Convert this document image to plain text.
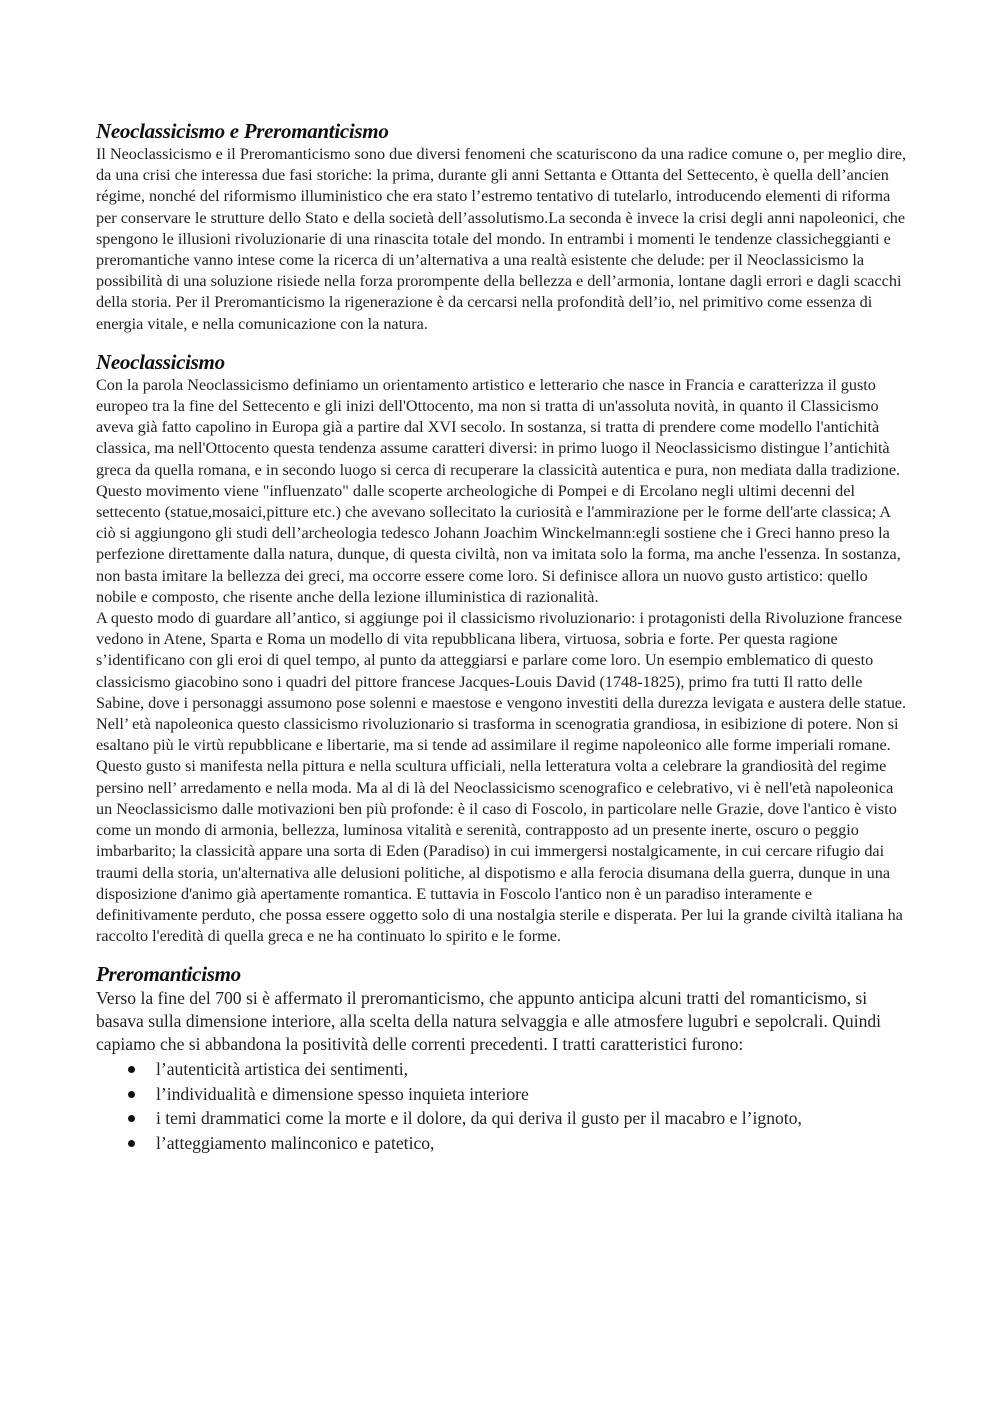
Neoclassicismo e Preromanticismo

Il Neoclassicismo e il Preromanticismo sono due diversi fenomeni che scaturiscono da una radice comune o, per meglio dire, da una crisi che interessa due fasi storiche: la prima, durante gli anni Settanta e Ottanta del Settecento, è quella dell’ancien régime, nonché del riformismo illuministico che era stato l’estremo tentativo di tutelarlo, introducendo elementi di riforma per conservare le strutture dello Stato e della società dell’assolutismo.La seconda è invece la crisi degli anni napoleonici, che spengono le illusioni rivoluzionarie di una rinascita totale del mondo. In entrambi i momenti le tendenze classicheggianti e preromantiche vanno intese come la ricerca di un’alternativa a una realtà esistente che delude: per il Neoclassicismo la possibilità di una soluzione risiede nella forza prorompente della bellezza e dell’armonia, lontane dagli errori e dagli scacchi della storia. Per il Preromanticismo la rigenerazione è da cercarsi nella profondità dell’io, nel primitivo come essenza di energia vitale, e nella comunicazione con la natura.

Neoclassicismo

Con la parola Neoclassicismo definiamo un orientamento artistico e letterario che nasce in Francia e caratterizza il gusto europeo tra la fine del Settecento e gli inizi dell'Ottocento, ma non si tratta di un'assoluta novità, in quanto il Classicismo aveva già fatto capolino in Europa già a partire dal XVI secolo. In sostanza, si tratta di prendere come modello l'antichità classica, ma nell'Ottocento questa tendenza assume caratteri diversi: in primo luogo il Neoclassicismo distingue l’antichità greca da quella romana, e in secondo luogo si cerca di recuperare la classicità autentica e pura, non mediata dalla tradizione.

Questo movimento viene "influenzato" dalle scoperte archeologiche di Pompei e di Ercolano negli ultimi decenni del settecento (statue,mosaici,pitture etc.) che avevano sollecitato la curiosità e l'ammirazione per le forme dell'arte classica; A ciò si aggiungono gli studi dell’archeologia tedesco Johann Joachim Winckelmann:egli sostiene che i Greci hanno preso la perfezione direttamente dalla natura, dunque, di questa civiltà, non va imitata solo la forma, ma anche l'essenza. In sostanza, non basta imitare la bellezza dei greci, ma occorre essere come loro. Si definisce allora un nuovo gusto artistico: quello nobile e composto, che risente anche della lezione illuministica di razionalità.

A questo modo di guardare all’antico, si aggiunge poi il classicismo rivoluzionario: i protagonisti della Rivoluzione francese vedono in Atene, Sparta e Roma un modello di vita repubblicana libera, virtuosa, sobria e forte. Per questa ragione s’identificano con gli eroi di quel tempo, al punto da atteggiarsi e parlare come loro. Un esempio emblematico di questo classicismo giacobino sono i quadri del pittore francese Jacques-Louis David (1748-1825), primo fra tutti Il ratto delle Sabine, dove i personaggi assumono pose solenni e maestose e vengono investiti della durezza levigata e austera delle statue. Nell’ età napoleonica questo classicismo rivoluzionario si trasforma in scenogratia grandiosa, in esibizione di potere. Non si esaltano più le virtù repubblicane e libertarie, ma si tende ad assimilare il regime napoleonico alle forme imperiali romane. Questo gusto si manifesta nella pittura e nella scultura ufficiali, nella letteratura volta a celebrare la grandiosità del regime persino nell’ arredamento e nella moda. Ma al di là del Neoclassicismo scenografico e celebrativo, vi è nell'età napoleonica un Neoclassicismo dalle motivazioni ben più profonde: è il caso di Foscolo, in particolare nelle Grazie, dove l'antico è visto come un mondo di armonia, bellezza, luminosa vitalità e serenità, contrapposto ad un presente inerte, oscuro o peggio imbarbarito; la classicità appare una sorta di Eden (Paradiso) in cui immergersi nostalgicamente, in cui cercare rifugio dai traumi della storia, un'alternativa alle delusioni politiche, al dispotismo e alla ferocia disumana della guerra, dunque in una disposizione d'animo già apertamente romantica. E tuttavia in Foscolo l'antico non è un paradiso interamente e definitivamente perduto, che possa essere oggetto solo di una nostalgia sterile e disperata. Per lui la grande civiltà italiana ha raccolto l'eredità di quella greca e ne ha continuato lo spirito e le forme.

Preromanticismo

Verso la fine del 700 si è affermato il preromanticismo, che appunto anticipa alcuni tratti del romanticismo, si basava sulla dimensione interiore, alla scelta della natura selvaggia e alle atmosfere lugubri e sepolcrali. Quindi capiamo che si abbandona la positività delle correnti precedenti. I tratti caratteristici furono:

l’autenticità artistica dei sentimenti,
l’individualità e dimensione spesso inquieta interiore
i temi drammatici come la morte e il dolore, da qui deriva il gusto per il macabro e l’ignoto,
l’atteggiamento malinconico e patetico,
